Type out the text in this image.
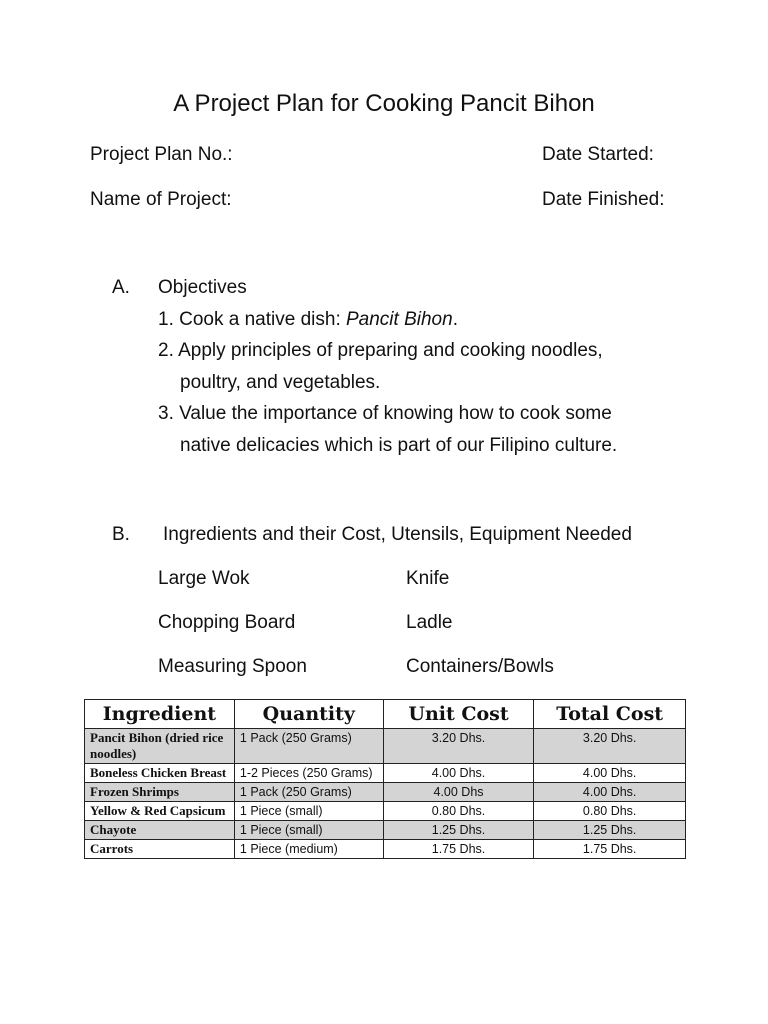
A Project Plan for Cooking Pancit Bihon
Project Plan No.:	Date Started:
Name of Project:	Date Finished:
A. Objectives
1. Cook a native dish: Pancit Bihon.
2. Apply principles of preparing and cooking noodles,
poultry, and vegetables.
3. Value the importance of knowing how to cook some
native delicacies which is part of our Filipino culture.
B. Ingredients and their Cost, Utensils, Equipment Needed
Large Wok	Knife
Chopping Board	Ladle
Measuring Spoon	Containers/Bowls
Ingredient	Quantity	Unit Cost	Total Cost
Pancit Bihon (dried rice noodles)	1 Pack (250 Grams)	3.20 Dhs.	3.20 Dhs.
Boneless Chicken Breast	1-2 Pieces (250 Grams)	4.00 Dhs.	4.00 Dhs.
Frozen Shrimps	1 Pack (250 Grams)	4.00 Dhs	4.00 Dhs.
Yellow & Red Capsicum	1 Piece (small)	0.80 Dhs.	0.80 Dhs.
Chayote	1 Piece (small)	1.25 Dhs.	1.25 Dhs.
Carrots	1 Piece (medium)	1.75 Dhs.	1.75 Dhs.
